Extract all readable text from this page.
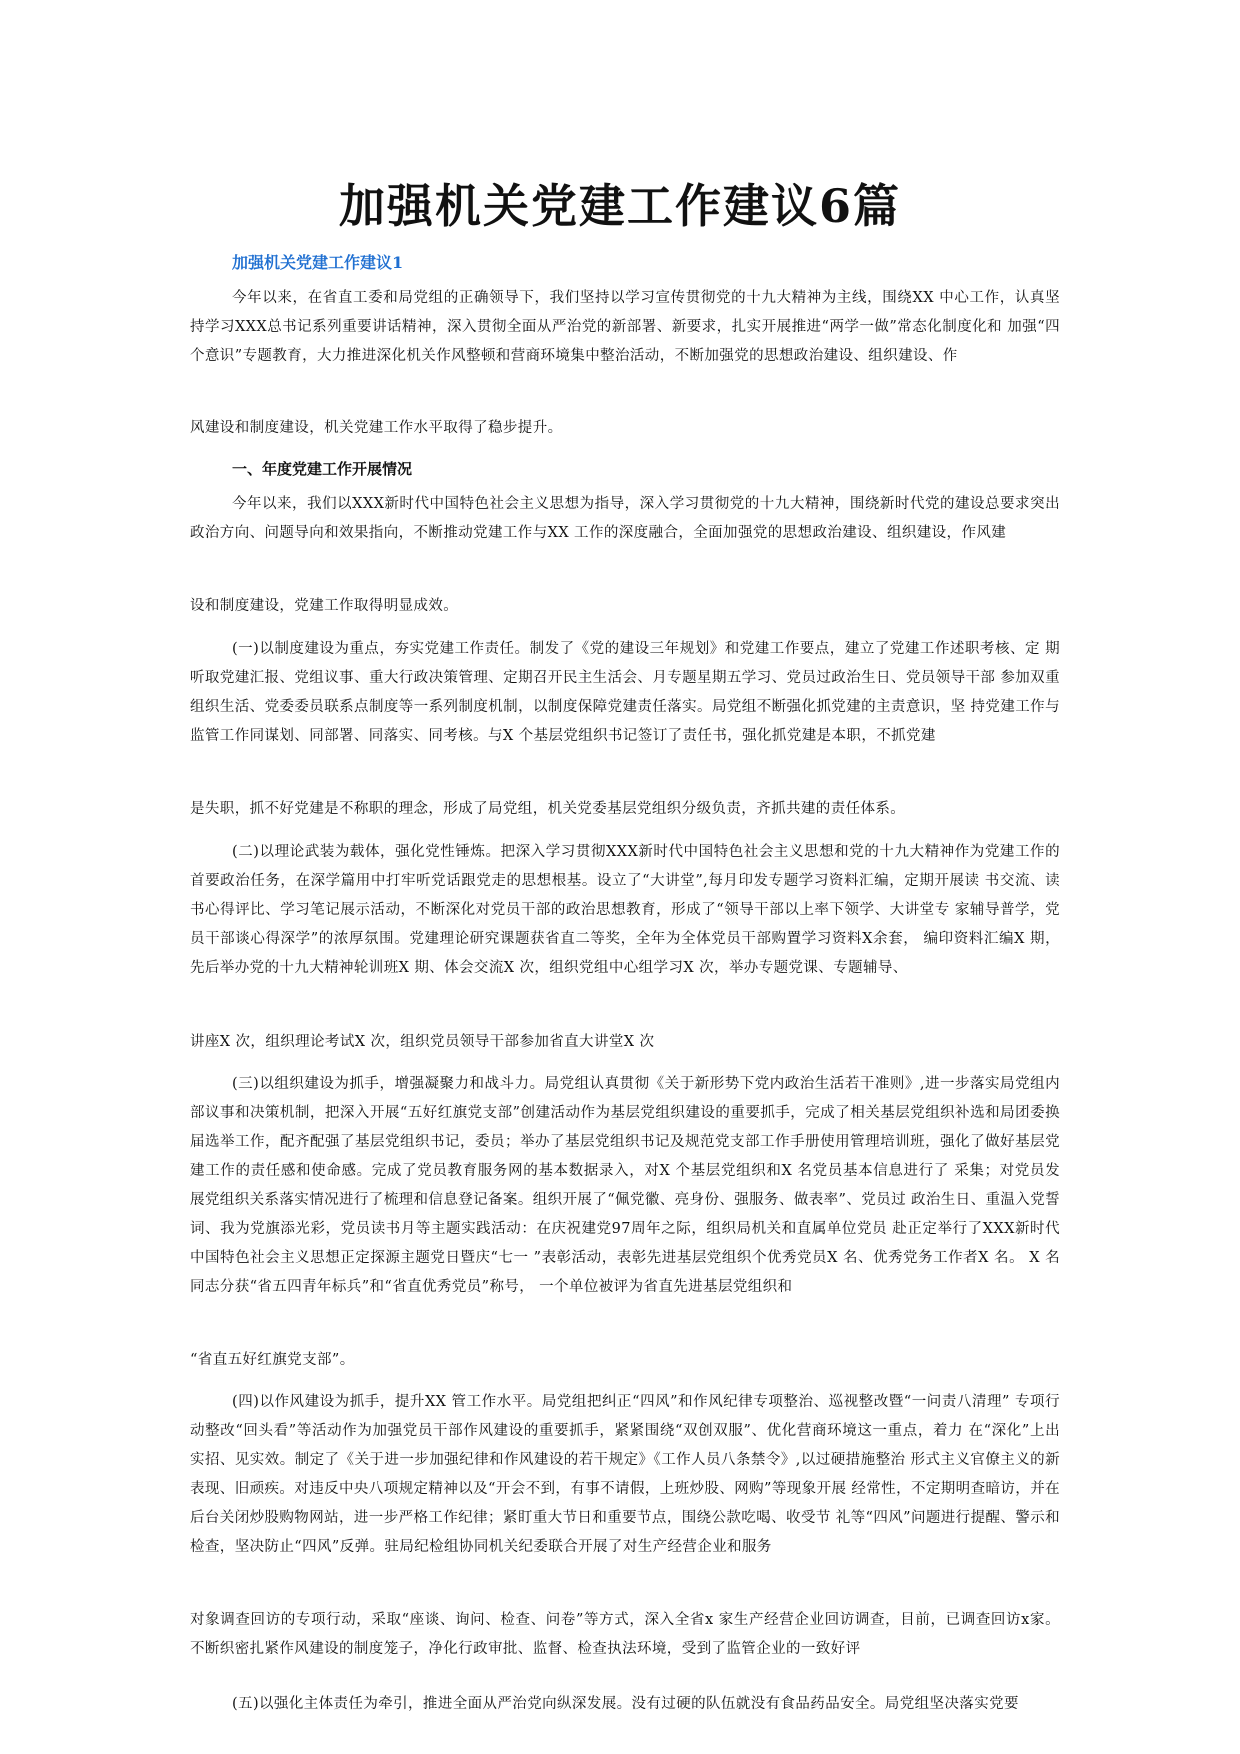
加强机关党建工作建议6篇
加强机关党建工作建议1

今年以来，在省直工委和局党组的正确领导下，我们坚持以学习宣传贯彻党的十九大精神为主线，围绕XX 中心工作，认真坚 持学习XXX总书记系列重要讲话精神，深入贯彻全面从严治党的新部署、新要求，扎实开展推进“两学一做”常态化制度化和 加强“四个意识”专题教育，大力推进深化机关作风整顿和营商环境集中整治活动，不断加强党的思想政治建设、组织建设、作

风建设和制度建设，机关党建工作水平取得了稳步提升。

一、年度党建工作开展情况

今年以来，我们以XXX新时代中国特色社会主义思想为指导，深入学习贯彻党的十九大精神，围绕新时代党的建设总要求突出政治方向、问题导向和效果指向，不断推动党建工作与XX 工作的深度融合，全面加强党的思想政治建设、组织建设，作风建

设和制度建设，党建工作取得明显成效。

(一)以制度建设为重点，夯实党建工作责任。制发了《党的建设三年规划》和党建工作要点，建立了党建工作述职考核、定 期听取党建汇报、党组议事、重大行政决策管理、定期召开民主生活会、月专题星期五学习、党员过政治生日、党员领导干部 参加双重组织生活、党委委员联系点制度等一系列制度机制，以制度保障党建责任落实。局党组不断强化抓党建的主责意识，坚 持党建工作与监管工作同谋划、同部署、同落实、同考核。与X 个基层党组织书记签订了责任书，强化抓党建是本职，不抓党建

是失职，抓不好党建是不称职的理念，形成了局党组，机关党委基层党组织分级负责，齐抓共建的责任体系。

(二)以理论武装为载体，强化党性锤炼。把深入学习贯彻XXX新时代中国特色社会主义思想和党的十九大精神作为党建工作的首要政治任务，在深学篇用中打牢听党话跟党走的思想根基。设立了“大讲堂”,每月印发专题学习资料汇编，定期开展读 书交流、读书心得评比、学习笔记展示活动，不断深化对党员干部的政治思想教育，形成了“领导干部以上率下领学、大讲堂专 家辅导普学，党员干部谈心得深学”的浓厚氛围。党建理论研究课题获省直二等奖，全年为全体党员干部购置学习资料X余套， 编印资料汇编X 期，先后举办党的十九大精神轮训班X 期、体会交流X 次，组织党组中心组学习X 次，举办专题党课、专题辅导、

讲座X 次，组织理论考试X 次，组织党员领导干部参加省直大讲堂X 次

(三)以组织建设为抓手，增强凝聚力和战斗力。局党组认真贯彻《关于新形势下党内政治生活若干准则》,进一步落实局党组内部议事和决策机制，把深入开展“五好红旗党支部”创建活动作为基层党组织建设的重要抓手，完成了相关基层党组织补选和局团委换届选举工作，配齐配强了基层党组织书记，委员；举办了基层党组织书记及规范党支部工作手册使用管理培训班，强化了做好基层党建工作的责任感和使命感。完成了党员教育服务网的基本数据录入，对X 个基层党组织和X 名党员基本信息进行了 采集；对党员发展党组织关系落实情况进行了梳理和信息登记备案。组织开展了“佩党徽、亮身份、强服务、做表率”、党员过 政治生日、重温入党誓词、我为党旗添光彩，党员读书月等主题实践活动：在庆祝建党97周年之际，组织局机关和直属单位党员 赴正定举行了XXX新时代中国特色社会主义思想正定探源主题党日暨庆“七一 ”表彰活动，表彰先进基层党组织个优秀党员X 名、优秀党务工作者X 名。 X 名同志分获“省五四青年标兵”和“省直优秀党员”称号， 一个单位被评为省直先进基层党组织和

“省直五好红旗党支部”。

(四)以作风建设为抓手，提升XX 管工作水平。局党组把纠正“四风”和作风纪律专项整治、巡视整改暨“一问责八清理” 专项行动整改“回头看”等活动作为加强党员干部作风建设的重要抓手，紧紧围绕“双创双服”、优化营商环境这一重点，着力 在“深化”上出实招、见实效。制定了《关于进一步加强纪律和作风建设的若干规定》《工作人员八条禁令》,以过硬措施整治 形式主义官僚主义的新表现、旧顽疾。对违反中央八项规定精神以及“开会不到，有事不请假，上班炒股、网购”等现象开展 经常性，不定期明查暗访，并在后台关闭炒股购物网站，进一步严格工作纪律；紧盯重大节日和重要节点，围绕公款吃喝、收受节 礼等“四风”问题进行提醒、警示和检查，坚决防止“四风”反弹。驻局纪检组协同机关纪委联合开展了对生产经营企业和服务

对象调查回访的专项行动，采取“座谈、询问、检查、问卷”等方式，深入全省x 家生产经营企业回访调查，目前，已调查回访x家。不断织密扎紧作风建设的制度笼子，净化行政审批、监督、检查执法环境，受到了监管企业的一致好评

(五)以强化主体责任为牵引，推进全面从严治党向纵深发展。没有过硬的队伍就没有食品药品安全。局党组坚决落实党要
